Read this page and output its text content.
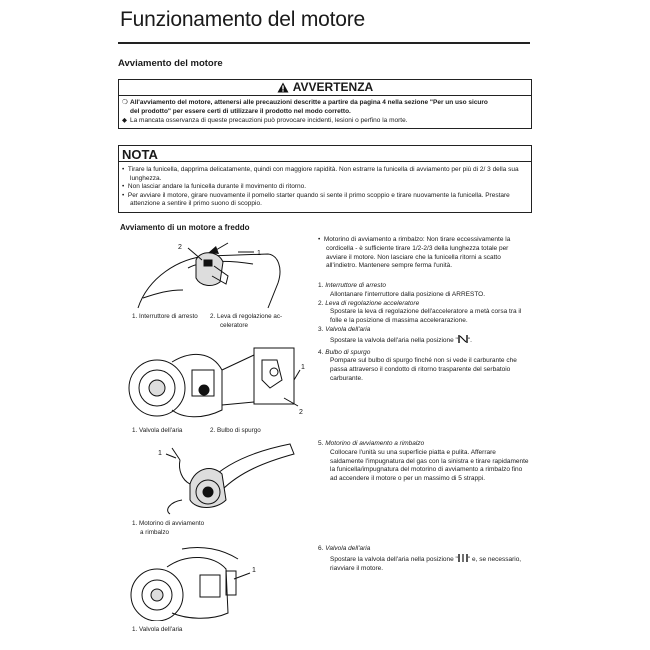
Funzionamento del motore
Avviamento del motore
AVVERTENZA
❍ All'avviamento del motore, attenersi alle precauzioni descritte a partire da pagina 4 nella sezione "Per un uso sicuro
del prodotto" per essere certi di utilizzare il prodotto nel modo corretto.
◆ La mancata osservanza di queste precauzioni può provocare incidenti, lesioni o perfino la morte.
NOTA
•  Tirare la funicella, dapprima delicatamente, quindi con maggiore rapidità. Non estrarre la funicella di avviamento per più di 2/ 3 della sua lunghezza.
•  Non lasciar andare la funicella durante il movimento di ritorno.
•  Per avviare il motore, girare nuovamente il pomello starter quando si sente il primo scoppio e tirare nuovamente la funicella. Prestare attenzione a sentire il primo suono di scoppio.
Avviamento di un motore a freddo
•  Motorino di avviamento a rimbalzo: Non tirare eccessivamente la cordicella - è sufficiente tirare 1/2-2/3 della lunghezza totale per avviare il motore. Non lasciare che la funicella ritorni a scatto all'indietro. Mantenere sempre ferma l'unità.
1. Interruttore di arresto
Allontanare l'interruttore dalla posizione di ARRESTO.
2. Leva di regolazione acceleratore
Spostare la leva di regolazione dell'acceleratore a metà corsa tra il folle e la posizione di massima accelerarazione.
3. Valvola dell'aria
Spostare la valvola dell'aria nella posizione " ".
4. Bulbo di spurgo
Pompare sul bulbo di spurgo finché non si vede il carburante che passa attraverso il condotto di ritorno trasparente del serbatoio carburante.
5. Motorino di avviamento a rimbalzo
Collocare l'unità su una superficie piatta e pulita. Afferrare saldamente l'impugnatura del gas con la sinistra e tirare rapidamente la funicella/impugnatura del motorino di avviamento a rimbalzo fino ad accendere il motore o per un massimo di 5 strappi.
6. Valvola dell'aria
Spostare la valvola dell'aria nella posizione " " e, se necessario, riavviare il motore.
2
1
1. Interruttore di arresto 2. Leva di regolazione ac-
celeratore
1
2
1. Valvola dell'aria	2. Bulbo di spurgo
1
1. Motorino di avviamento
a rimbalzo
1
1. Valvola dell'aria
